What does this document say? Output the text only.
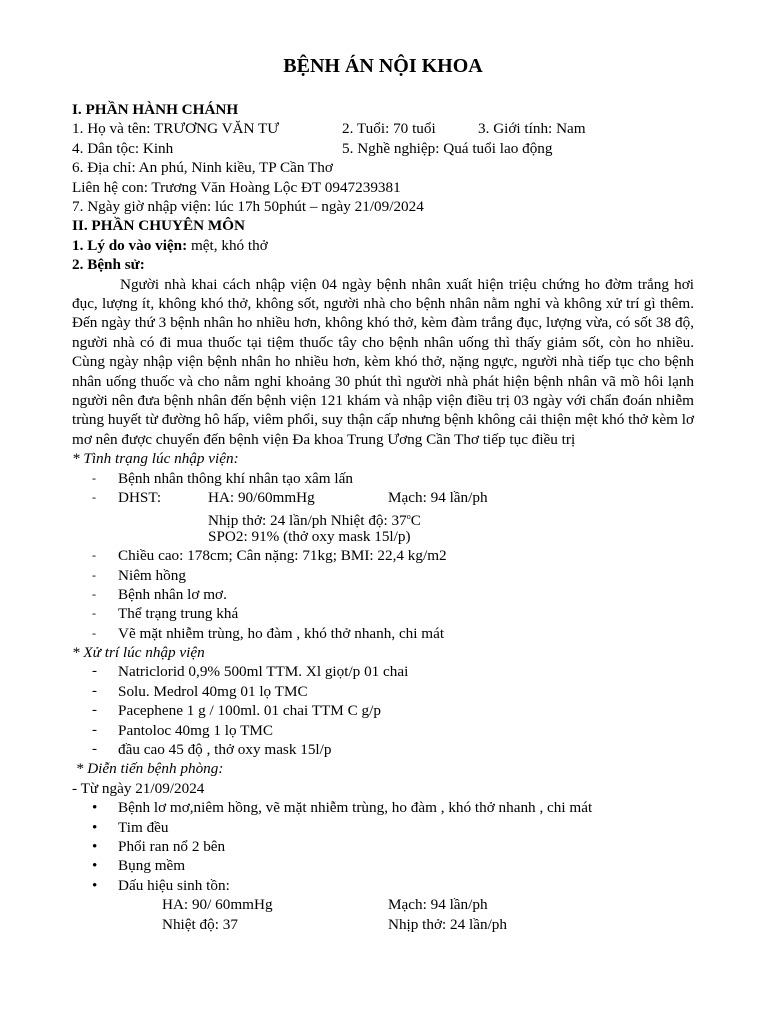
BỆNH ÁN NỘI KHOA
I. PHẦN HÀNH CHÁNH
1. Họ và tên: TRƯƠNG VĂN TƯ	2. Tuổi: 70 tuổi	3. Giới tính: Nam
4. Dân tộc: Kinh	5. Nghề nghiệp: Quá tuổi lao động
6. Địa chỉ: An phú, Ninh kiều, TP Cần Thơ
Liên hệ con: Trương Văn Hoàng Lộc ĐT 0947239381
7. Ngày giờ nhập viện: lúc 17h 50phút – ngày 21/09/2024
II. PHẦN CHUYÊN MÔN
1. Lý do vào viện: mệt, khó thở
2. Bệnh sử:
Người nhà khai cách nhập viện 04 ngày bệnh nhân xuất hiện triệu chứng ho đờm trắng hơi đục, lượng ít, không khó thở, không sốt, người nhà cho bệnh nhân nằm nghỉ và không xử trí gì thêm. Đến ngày thứ 3 bệnh nhân ho nhiều hơn, không khó thở, kèm đàm trắng đục, lượng vừa, có sốt 38 độ, người nhà có đi mua thuốc tại tiệm thuốc tây cho bệnh nhân uống thì thấy giảm sốt, còn ho nhiều. Cùng ngày nhập viện bệnh nhân ho nhiều hơn, kèm khó thở, nặng ngực, người nhà tiếp tục cho bệnh nhân uống thuốc và cho nằm nghỉ khoảng 30 phút thì người nhà phát hiện bệnh nhân vã mồ hôi lạnh người nên đưa bệnh nhân đến bệnh viện 121 khám và nhập viện điều trị 03 ngày với chẩn đoán nhiễm trùng huyết từ đường hô hấp, viêm phổi, suy thận cấp nhưng bệnh không cải thiện mệt khó thở kèm lơ mơ nên được chuyển đến bệnh viện Đa khoa Trung Ương Cần Thơ tiếp tục điều trị
* Tình trạng lúc nhập viện:
- Bệnh nhân thông khí nhân tạo xâm lấn
- DHST:	HA: 90/60mmHg	Mạch: 94 lần/ph
Nhịp thở: 24 lần/ph Nhiệt độ: 37$^o$C
SPO2: 91% (thở oxy mask 15l/p)
- Chiều cao: 178cm; Cân nặng: 71kg; BMI: 22,4 kg/m2
- Niêm hồng
- Bệnh nhân lơ mơ.
- Thể trạng trung khá
- Vẽ mặt nhiễm trùng, ho đàm , khó thở nhanh, chi mát
* Xử trí lúc nhập viện
- Natriclorid 0,9% 500ml TTM. Xl giọt/p 01 chai
- Solu. Medrol 40mg 01 lọ TMC
- Pacephene 1 g / 100ml. 01 chai TTM C g/p
- Pantoloc 40mg 1 lọ TMC
- đầu cao 45 độ , thở oxy mask 15l/p
* Diễn tiến bệnh phòng:
- Từ ngày 21/09/2024
• Bệnh lơ mơ,niêm hồng, vẽ mặt nhiễm trùng, ho đàm , khó thở nhanh , chi mát
• Tim đều
• Phổi ran nổ 2 bên
• Bụng mềm
• Dấu hiệu sinh tồn:
HA: 90/ 60mmHg	Mạch: 94 lần/ph
Nhiệt độ: 37	Nhịp thở: 24 lần/ph
